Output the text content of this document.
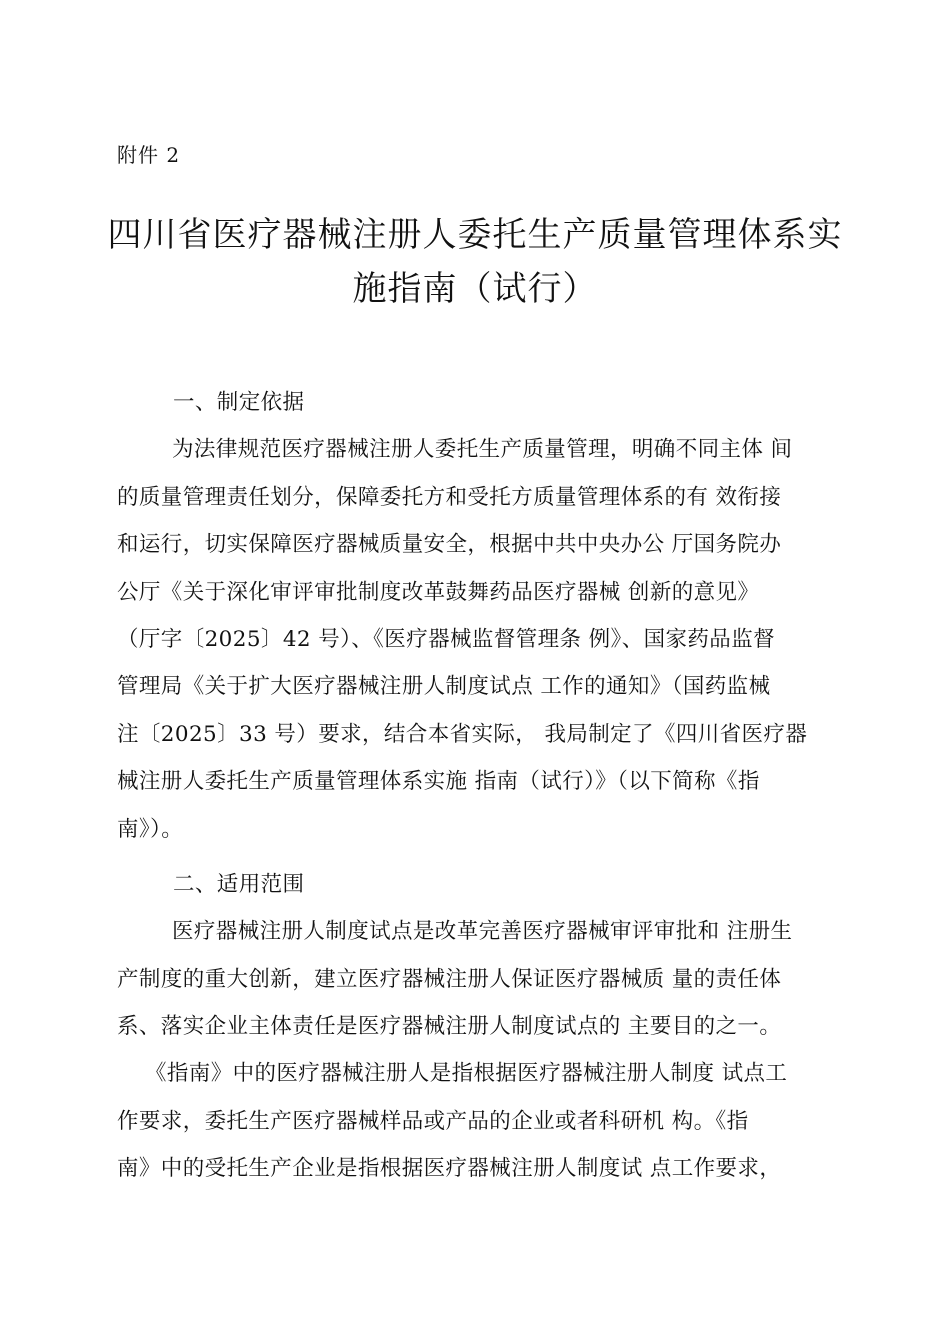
附件 2
四川省医疗器械注册人委托生产质量管理体系实
施指南（试行）
一、制定依据
为法律规范医疗器械注册人委托生产质量管理，明确不同主体 间
的质量管理责任划分，保障委托方和受托方质量管理体系的有 效衔接
和运行，切实保障医疗器械质量安全，根据中共中央办公 厅国务院办
公厅《关于深化审评审批制度改革鼓舞药品医疗器械 创新的意见》
（厅字〔2025〕42 号）、《医疗器械监督管理条 例》、国家药品监督
管理局《关于扩大医疗器械注册人制度试点 工作的通知》（国药监械
注〔2025〕33 号）要求，结合本省实际， 我局制定了《四川省医疗器
械注册人委托生产质量管理体系实施 指南（试行）》（以下简称《指
南》）。
二、适用范围
医疗器械注册人制度试点是改革完善医疗器械审评审批和 注册生
产制度的重大创新，建立医疗器械注册人保证医疗器械质 量的责任体
系、落实企业主体责任是医疗器械注册人制度试点的 主要目的之一。
《指南》中的医疗器械注册人是指根据医疗器械注册人制度 试点工
作要求，委托生产医疗器械样品或产品的企业或者科研机 构。《指
南》中的受托生产企业是指根据医疗器械注册人制度试 点工作要求，
